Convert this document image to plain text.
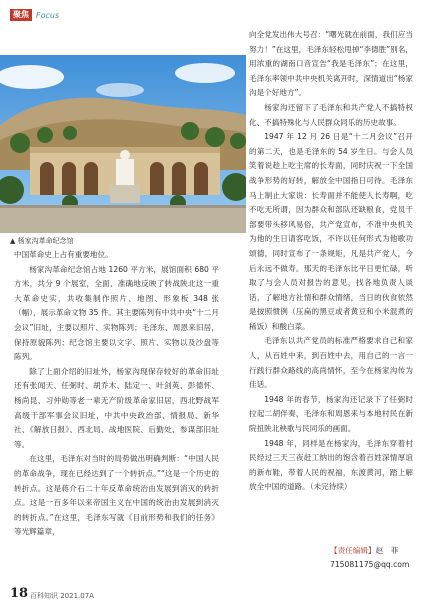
聚焦 Focus
▲ 杨家沟革命纪念馆

中国革命史上占有重要地位。

杨家沟革命纪念馆占地 1260 平方米，展馆面积 680 平方米，共分 9 个展室，全面、准确地反映了转战陕北这一重大革命史实，共收集制作照片、地图、形象板 348 张（幅），展示革命文物 35 件。其主要陈列有中共中央“十二月会议”旧址，主要以照片、实物陈列；毛泽东、周恩来旧居，保持原貌陈列；纪念馆主要以文字、照片、实物以及沙盘等陈列。

除了上面介绍的旧址外，杨家沟现保存较好的革命旧址还有张闻天、任弼时、胡乔木、陆定一、叶剑英、彭德怀、杨尚昆、习仲勋等老一辈无产阶级革命家旧居，西北野战军高级干部军事会议旧址，中共中央政治部、情报局、新华社、《解放日报》、西北局、战地医院、后勤处、参谋部旧址等。

在这里，毛泽东对当时的局势做出明确判断：“中国人民的革命战争，现在已经达到了一个转折点。”“这是一个历史的转折点。这是蒋介石二十年反革命统治由发展到消灭的转折点。这是一百多年以来帝国主义在中国的统治由发展到消灭的转折点。”在这里，毛泽东写就《目前形势和我们的任务》等光辉篇章，

向全党发出伟大号召：“曙光就在前面，我们应当努力！”在这里，毛泽东轻松甩掉“李德胜”别名，用浓重的湖南口音宣告“我是毛泽东”；在这里，毛泽东率领中共中央机关离开时，深情道出“杨家沟是个好地方”。

杨家沟还留下了毛泽东和共产党人不搞特权化、不搞特殊化与人民群众同乐的历史故事。

1947 年 12 月 26 日是“十二月会议”召开的第二天，也是毛泽东的 54 岁生日。与会人员笑着说趁上吃主席的长寿面，同时庆祝一下全国战争形势的好转，解放全中国指日可待。毛泽东马上制止大家说：长寿面并不能使人长寿啊，吃不吃无所谓，因为群众和部队还缺粮食，党员干部要带头移风易俗，共产党宣布，不准中央机关为他的生日请客吃饭，不许以任何形式为他歌功颂德，同时宣布了一条规矩，凡是共产党人，今后永远不做寿。那天的毛泽东比平日更忙碌，听取了与会人员对报告的意见，找各地负责人谈话，了解地方社情和群众情绪，当日的伙食依然是按照惯例（压扁的黑豆或者黄豆和小米混煮的稀饭）和酸白菜。

毛泽东以共产党员的标准严格要求自己和家人，从百姓中来，到百姓中去，用自己的一言一行践行群众路线的高尚情怀，至今在杨家沟传为佳话。

1948 年的春节，杨家沟还记录下了任弼时拉起二胡伴奏，毛泽东和周恩来与本地村民在新院扭陕北秧歌与民同乐的画面。

1948 年，同样是在杨家沟，毛泽东穿着村民经过三天三夜赶工纳出的饱含着百姓深情厚谊的新布鞋，带着人民的祝福，东渡黄河，踏上解放全中国的道路。（未完待续）

【责任编辑】赵　菲
715081175@qq.com
18 百科知识 2021.07A
